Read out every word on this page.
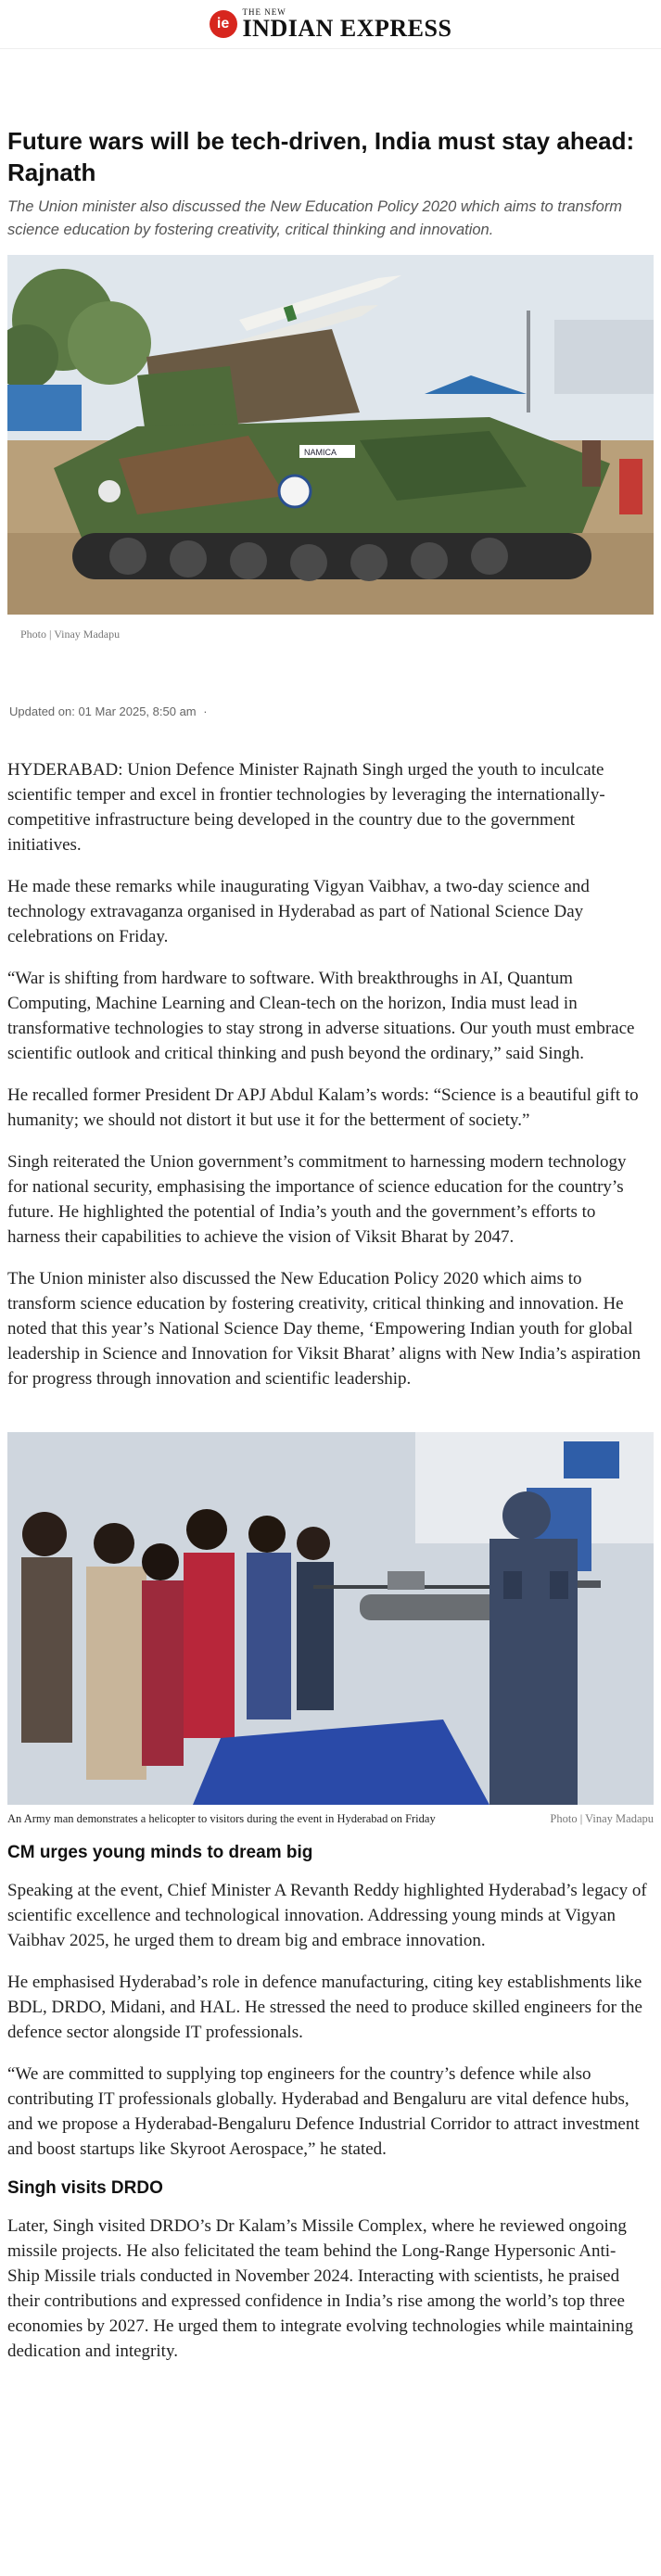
ie
THE NEW
INDIAN EXPRESS
Future wars will be tech-driven, India must stay ahead: Rajnath

The Union minister also discussed the New Education Policy 2020 which aims to transform science education by fostering creativity, critical thinking and innovation.

NAMICA
Photo | Vinay Madapu
Updated on: 01 Mar 2025, 8:50 am ·

HYDERABAD: Union Defence Minister Rajnath Singh urged the youth to inculcate scientific temper and excel in frontier technologies by leveraging the internationally-competitive infrastructure being developed in the country due to the government initiatives.

He made these remarks while inaugurating Vigyan Vaibhav, a two-day science and technology extravaganza organised in Hyderabad as part of National Science Day celebrations on Friday.

“War is shifting from hardware to software. With breakthroughs in AI, Quantum Computing, Machine Learning and Clean-tech on the horizon, India must lead in transformative technologies to stay strong in adverse situations. Our youth must embrace scientific outlook and critical thinking and push beyond the ordinary,” said Singh.

He recalled former President Dr APJ Abdul Kalam’s words: “Science is a beautiful gift to humanity; we should not distort it but use it for the betterment of society.”

Singh reiterated the Union government’s commitment to harnessing modern technology for national security, emphasising the importance of science education for the country’s future. He highlighted the potential of India’s youth and the government’s efforts to harness their capabilities to achieve the vision of Viksit Bharat by 2047.

The Union minister also discussed the New Education Policy 2020 which aims to transform science education by fostering creativity, critical thinking and innovation. He noted that this year’s National Science Day theme, ‘Empowering Indian youth for global leadership in Science and Innovation for Viksit Bharat’ aligns with New India’s aspiration for progress through innovation and scientific leadership.

An Army man demonstrates a helicopter to visitors during the event in Hyderabad on Friday	Photo | Vinay Madapu
CM urges young minds to dream big

Speaking at the event, Chief Minister A Revanth Reddy highlighted Hyderabad’s legacy of scientific excellence and technological innovation. Addressing young minds at Vigyan Vaibhav 2025, he urged them to dream big and embrace innovation.

He emphasised Hyderabad’s role in defence manufacturing, citing key establishments like BDL, DRDO, Midani, and HAL. He stressed the need to produce skilled engineers for the defence sector alongside IT professionals.

“We are committed to supplying top engineers for the country’s defence while also contributing IT professionals globally. Hyderabad and Bengaluru are vital defence hubs, and we propose a Hyderabad-Bengaluru Defence Industrial Corridor to attract investment and boost startups like Skyroot Aerospace,” he stated.

Singh visits DRDO

Later, Singh visited DRDO’s Dr Kalam’s Missile Complex, where he reviewed ongoing missile projects. He also felicitated the team behind the Long-Range Hypersonic Anti-Ship Missile trials conducted in November 2024. Interacting with scientists, he praised their contributions and expressed confidence in India’s rise among the world’s top three economies by 2027. He urged them to integrate evolving technologies while maintaining dedication and integrity.
